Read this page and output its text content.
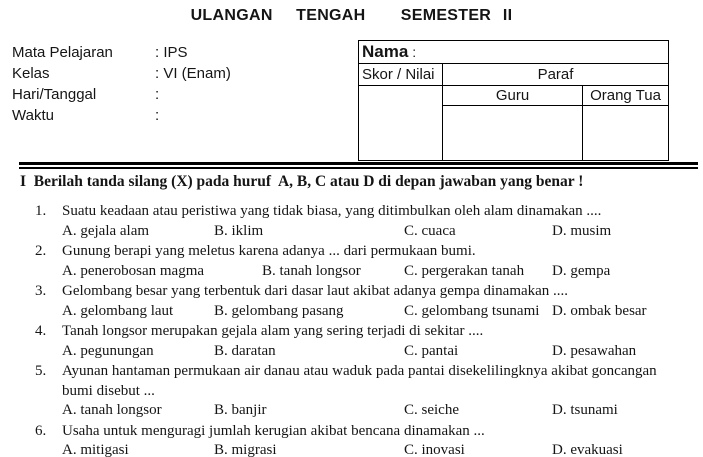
ULANGAN  TENGAH   SEMESTER II
Mata Pelajaran	: IPS
Kelas	: VI (Enam)
Hari/Tanggal	:
Waktu	:
Nama :		
Skor / Nilai	Paraf	
	Guru	Orang Tua

I  Berilah tanda silang (X) pada huruf  A, B, C atau D di depan jawaban yang benar !
1.	Suatu keadaan atau peristiwa yang tidak biasa, yang ditimbulkan oleh alam dinamakan ....
A. gejala alam	B. iklim	C. cuaca	D. musim
2.	Gunung berapi yang meletus karena adanya ... dari permukaan bumi.
A. penerobosan magma	B. tanah longsor	C. pergerakan tanah	D. gempa
3.	Gelombang besar yang terbentuk dari dasar laut akibat adanya gempa dinamakan ....
A. gelombang laut	B. gelombang pasang	C. gelombang tsunami D. ombak besar
4.	Tanah longsor merupakan gejala alam yang sering terjadi di sekitar ....
A. pegunungan	B. daratan	C. pantai	D. pesawahan
5.	Ayunan hantaman permukaan air danau atau waduk pada pantai disekelilingknya akibat goncangan bumi disebut ...
A. tanah longsor	B. banjir	C. seiche	D. tsunami
6.	Usaha untuk menguragi jumlah kerugian akibat bencana dinamakan ...
A. mitigasi	B. migrasi	C. inovasi	D. evakuasi
